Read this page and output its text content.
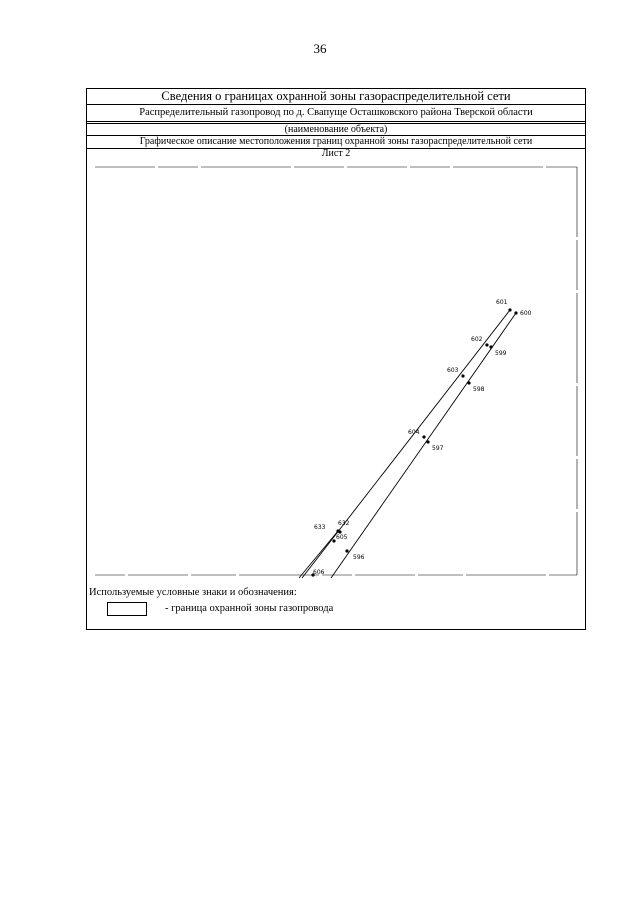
36
Сведения о границах охранной зоны газораспределительной сети
Распределительный газопровод по д. Свапуще Осташковского района Тверской области
(наименование объекта)
Графическое описание местоположения границ охранной зоны газораспределительной сети
Лист 2
601
600
602
599
603
598
604
597
633
632
605
596
606
Используемые условные знаки и обозначения:
- граница охранной зоны газопровода
